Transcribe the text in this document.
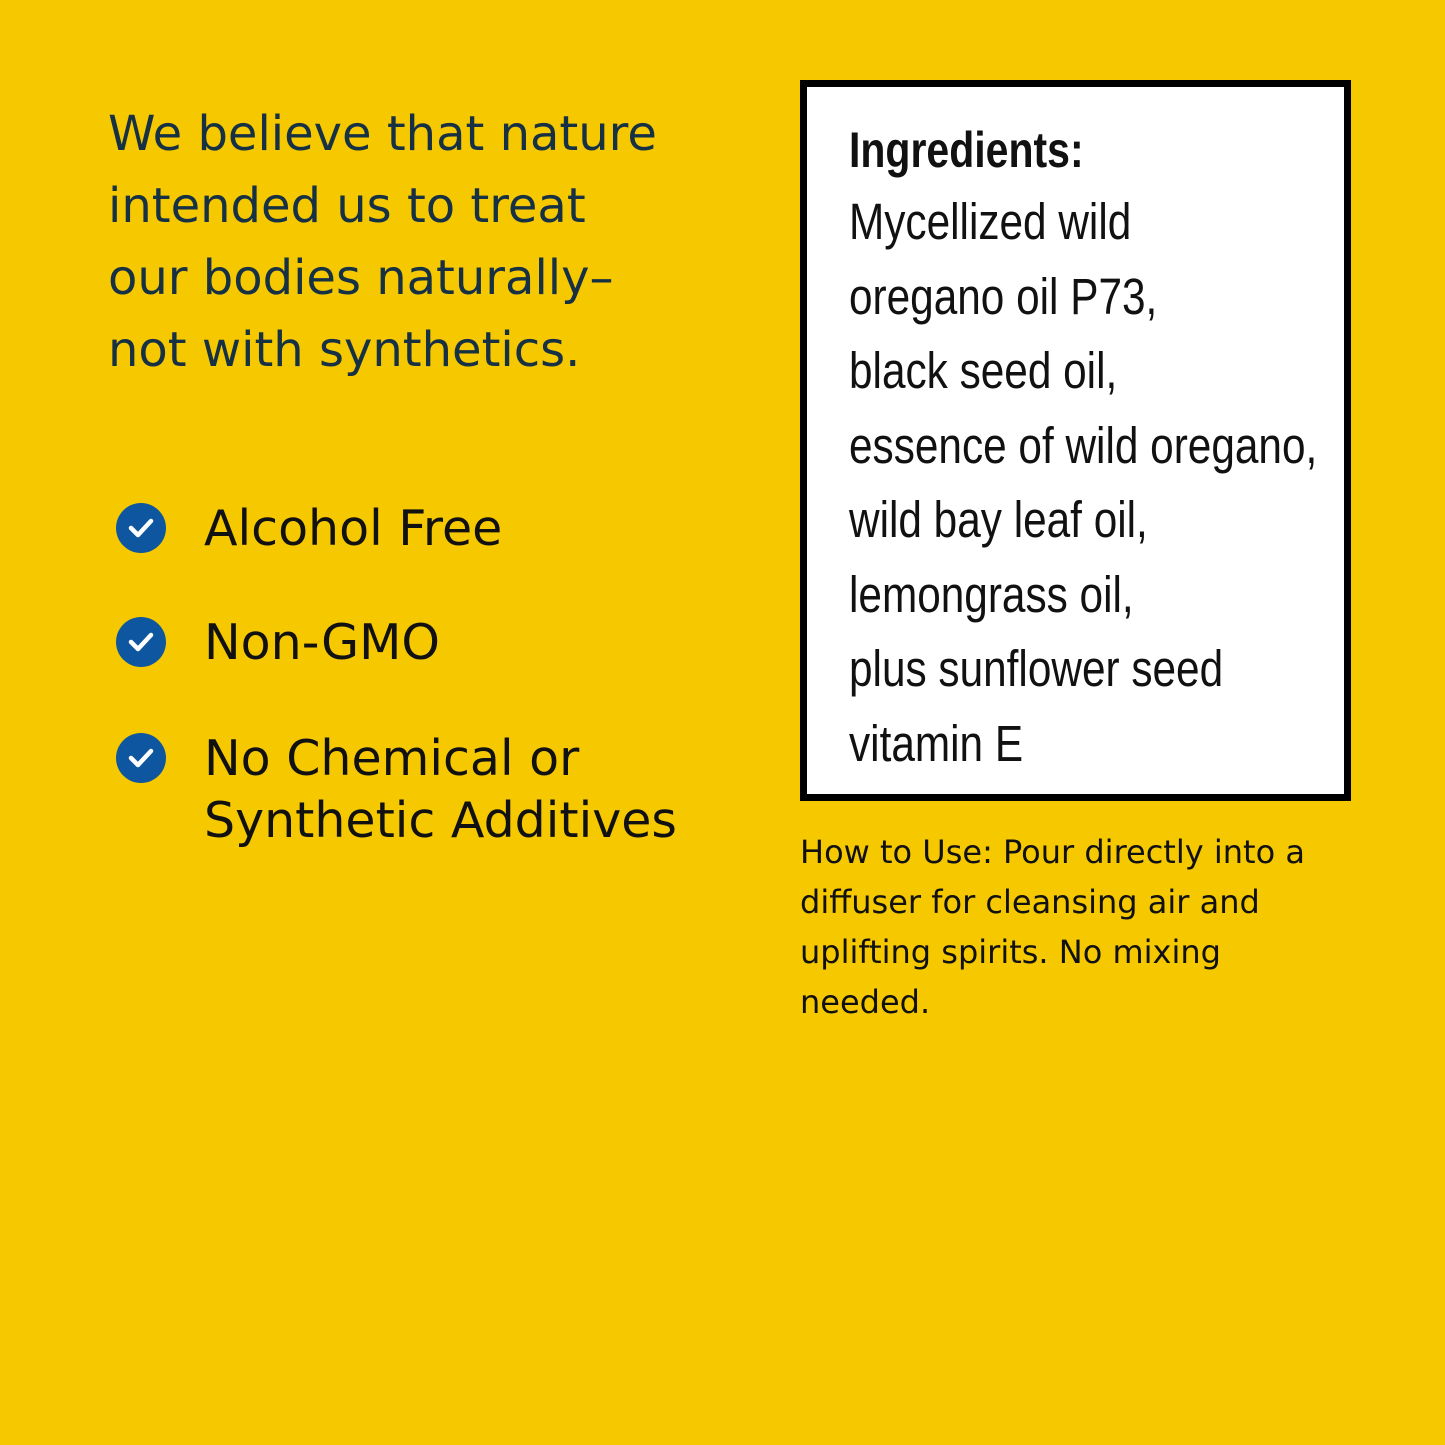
We believe that nature
intended us to treat
our bodies naturally–
not with synthetics.

Alcohol Free
Non-GMO
No Chemical or
Synthetic Additives
Ingredients:
Mycellized wild
oregano oil P73,
black seed oil,
essence of wild oregano,
wild bay leaf oil,
lemongrass oil,
plus sunflower seed
vitamin E
How to Use: Pour directly into a
diffuser for cleansing air and
uplifting spirits. No mixing
needed.
